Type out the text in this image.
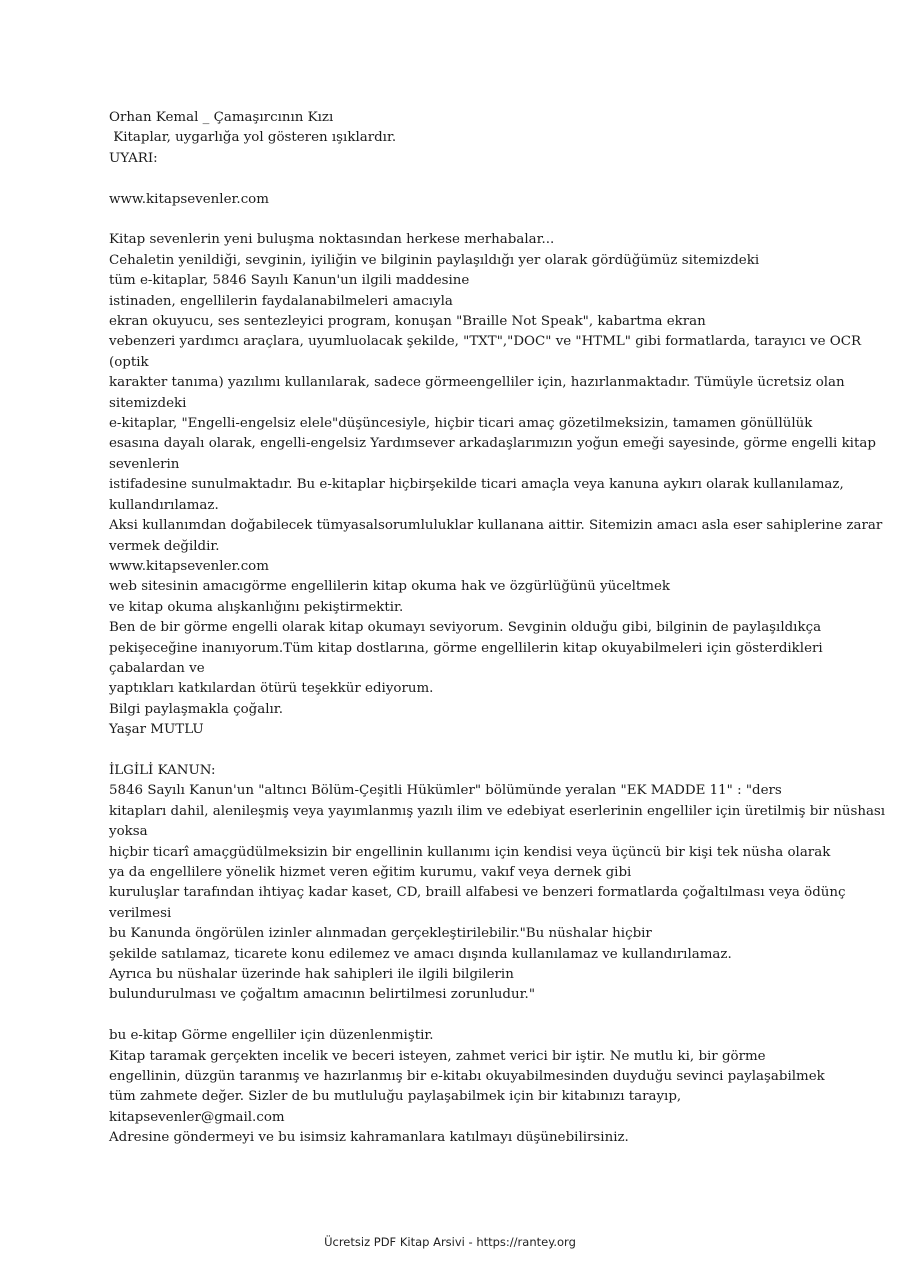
Orhan Kemal _ Çamaşırcının Kızı
Kitaplar, uygarlığa yol gösteren ışıklardır.
UYARI:
www.kitapsevenler.com
Kitap sevenlerin yeni buluşma noktasından herkese merhabalar...
Cehaletin yenildiği, sevginin, iyiliğin ve bilginin paylaşıldığı yer olarak gördüğümüz sitemizdeki
tüm e-kitaplar, 5846 Sayılı Kanun'un ilgili maddesine
istinaden, engellilerin faydalanabilmeleri amacıyla
ekran okuyucu, ses sentezleyici program, konuşan "Braille Not Speak", kabartma ekran
vebenzeri yardımcı araçlara, uyumluolacak şekilde, "TXT","DOC" ve "HTML" gibi formatlarda, tarayıcı ve OCR
(optik
karakter tanıma) yazılımı kullanılarak, sadece görmeengelliler için, hazırlanmaktadır. Tümüyle ücretsiz olan
sitemizdeki
e-kitaplar, "Engelli-engelsiz elele"düşüncesiyle, hiçbir ticari amaç gözetilmeksizin, tamamen gönüllülük
esasına dayalı olarak, engelli-engelsiz Yardımsever arkadaşlarımızın yoğun emeği sayesinde, görme engelli kitap
sevenlerin
istifadesine sunulmaktadır. Bu e-kitaplar hiçbirşekilde ticari amaçla veya kanuna aykırı olarak kullanılamaz,
kullandırılamaz.
Aksi kullanımdan doğabilecek tümyasalsorumluluklar kullanana aittir. Sitemizin amacı asla eser sahiplerine zarar
vermek değildir.
www.kitapsevenler.com
web sitesinin amacıgörme engellilerin kitap okuma hak ve özgürlüğünü yüceltmek
ve kitap okuma alışkanlığını pekiştirmektir.
Ben de bir görme engelli olarak kitap okumayı seviyorum. Sevginin olduğu gibi, bilginin de paylaşıldıkça
pekişeceğine inanıyorum.Tüm kitap dostlarına, görme engellilerin kitap okuyabilmeleri için gösterdikleri
çabalardan ve
yaptıkları katkılardan ötürü teşekkür ediyorum.
Bilgi paylaşmakla çoğalır.
Yaşar MUTLU
İLGİLİ KANUN:
5846 Sayılı Kanun'un "altıncı Bölüm-Çeşitli Hükümler" bölümünde yeralan "EK MADDE 11" : "ders
kitapları dahil, alenileşmiş veya yayımlanmış yazılı ilim ve edebiyat eserlerinin engelliler için üretilmiş bir nüshası
yoksa
hiçbir ticarî amaçgüdülmeksizin bir engellinin kullanımı için kendisi veya üçüncü bir kişi tek nüsha olarak
ya da engellilere yönelik hizmet veren eğitim kurumu, vakıf veya dernek gibi
kuruluşlar tarafından ihtiyaç kadar kaset, CD, braill alfabesi ve benzeri formatlarda çoğaltılması veya ödünç
verilmesi
bu Kanunda öngörülen izinler alınmadan gerçekleştirilebilir."Bu nüshalar hiçbir
şekilde satılamaz, ticarete konu edilemez ve amacı dışında kullanılamaz ve kullandırılamaz.
Ayrıca bu nüshalar üzerinde hak sahipleri ile ilgili bilgilerin
bulundurulması ve çoğaltım amacının belirtilmesi zorunludur."
bu e-kitap Görme engelliler için düzenlenmiştir.
Kitap taramak gerçekten incelik ve beceri isteyen, zahmet verici bir iştir. Ne mutlu ki, bir görme
engellinin, düzgün taranmış ve hazırlanmış bir e-kitabı okuyabilmesinden duyduğu sevinci paylaşabilmek
tüm zahmete değer. Sizler de bu mutluluğu paylaşabilmek için bir kitabınızı tarayıp,
kitapsevenler@gmail.com
Adresine göndermeyi ve bu isimsiz kahramanlara katılmayı düşünebilirsiniz.
Ücretsiz PDF Kitap Arsivi - https://rantey.org
